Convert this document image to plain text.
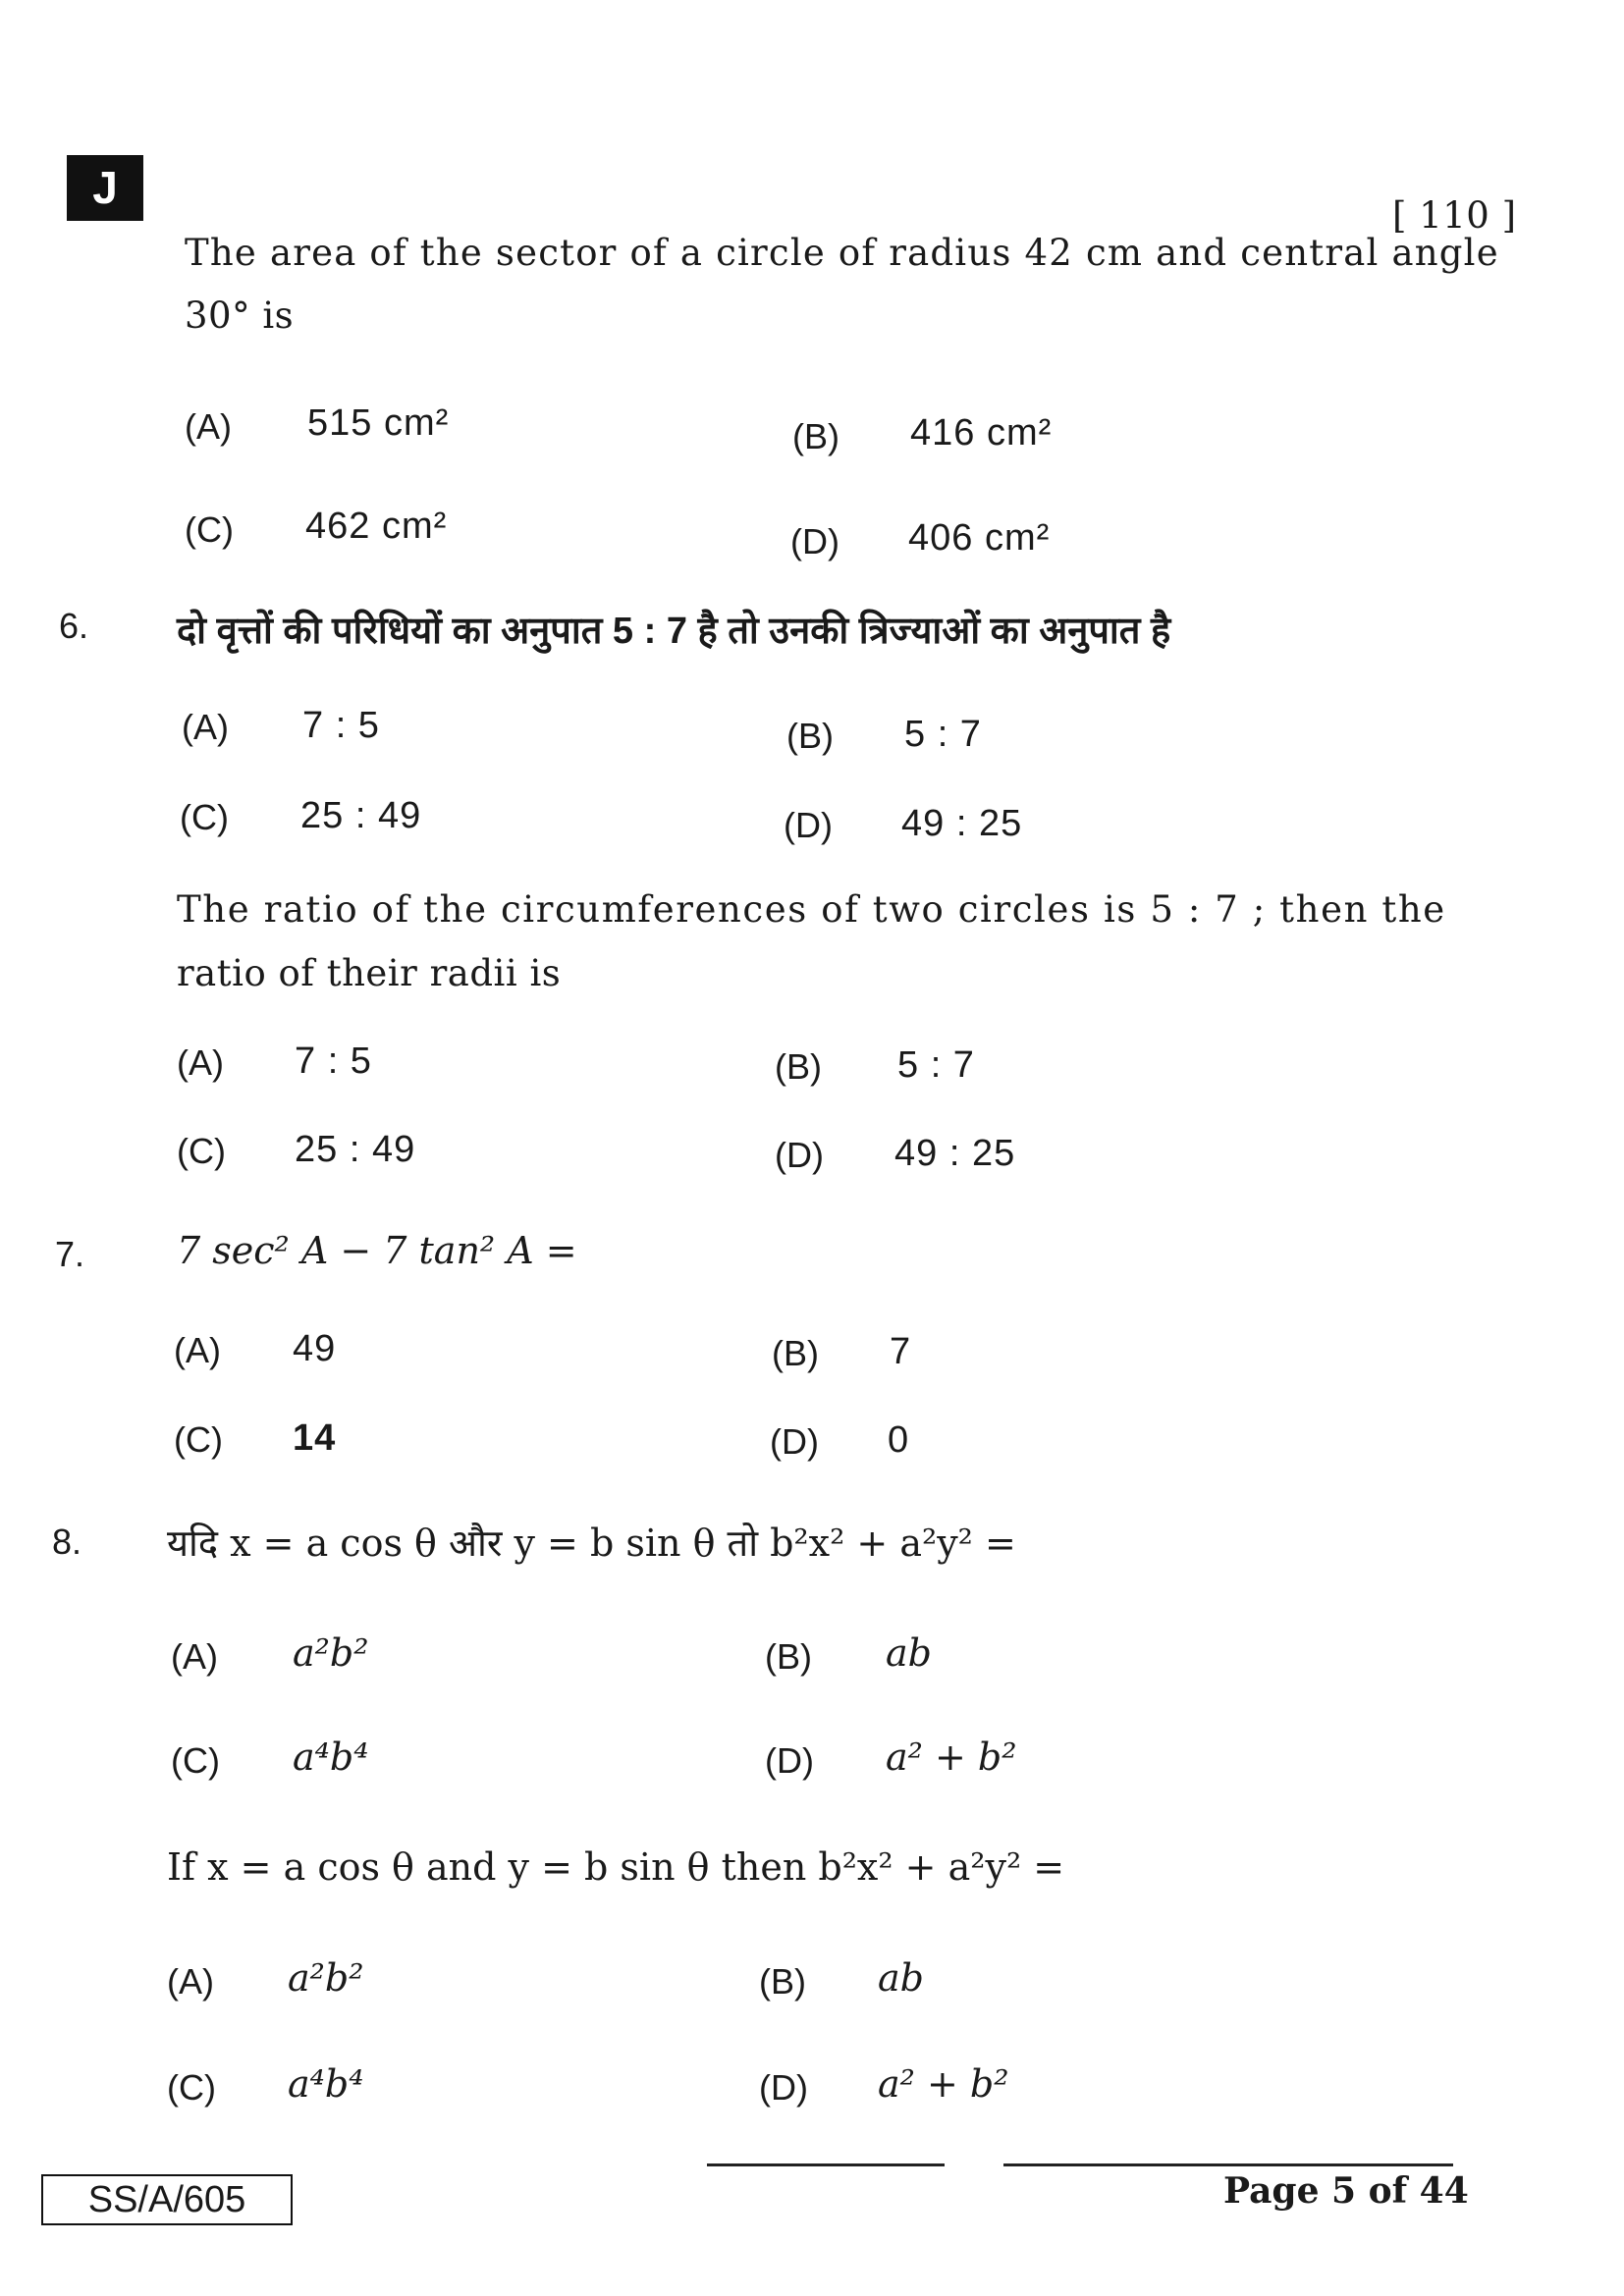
J
[ 110 ]
The area of the sector of a circle of radius 42 cm and central angle
30° is
(A) 515 cm²	(B) 416 cm²
(C) 462 cm²	(D) 406 cm²
6. दो वृत्तों की परिधियों का अनुपात 5 : 7 है तो उनकी त्रिज्याओं का अनुपात है
(A) 7 : 5	(B) 5 : 7
(C) 25 : 49	(D) 49 : 25
The ratio of the circumferences of two circles is 5 : 7 ; then the
ratio of their radii is
(A) 7 : 5	(B) 5 : 7
(C) 25 : 49	(D) 49 : 25
7. 7 sec² A − 7 tan² A =
(A) 49	(B) 7
(C) 14	(D) 0
8. यदि x = a cos θ और y = b sin θ तो b²x² + a²y² =
(A) a²b²	(B) ab
(C) a⁴b⁴	(D) a² + b²
If x = a cos θ and y = b sin θ then b²x² + a²y² =
(A) a²b²	(B) ab
(C) a⁴b⁴	(D) a² + b²
SS/A/605	Page 5 of 44
